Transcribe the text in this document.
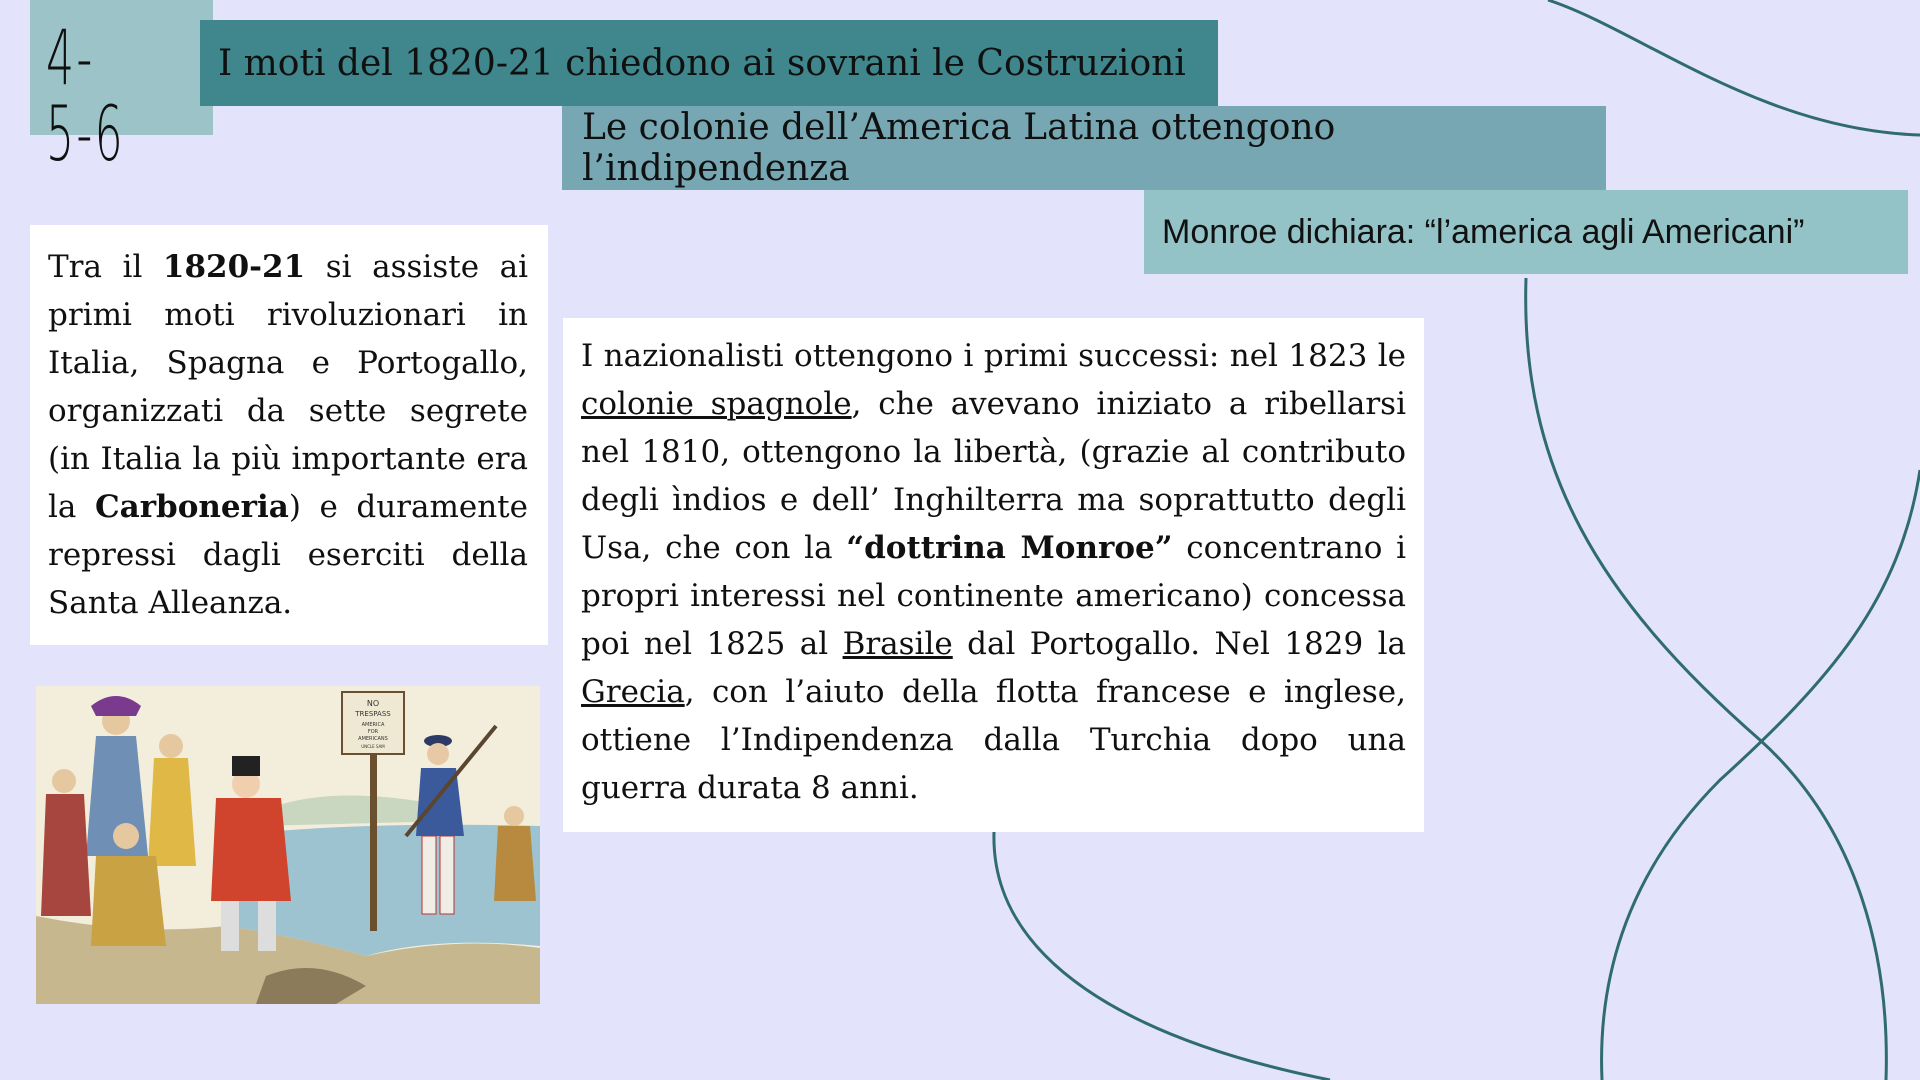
4-5-6
I moti del 1820-21 chiedono ai sovrani le Costruzioni
Le colonie dell’America Latina ottengono l’indipendenza
Monroe dichiara: “l’america agli Americani”

Tra il 1820-21 si assiste ai primi moti rivoluzionari in Italia, Spagna e Portogallo, organizzati da sette segrete (in Italia la più importante era la Carboneria) e duramente repressi dagli eserciti della Santa Alleanza.

I nazionalisti ottengono i primi successi: nel 1823 le colonie spagnole, che avevano iniziato a ribellarsi nel 1810, ottengono la libertà, (grazie al contributo degli ìndios e dell’ Inghilterra ma soprattutto degli Usa, che con la “dottrina Monroe” concentrano i propri interessi nel continente americano) concessa poi nel 1825 al Brasile dal Portogallo. Nel 1829 la Grecia, con l’aiuto della flotta francese e inglese, ottiene l’Indipendenza dalla Turchia dopo una guerra durata 8 anni.

NO
TRESPASS
AMERICA
FOR
AMERICANS
UNCLE SAM
